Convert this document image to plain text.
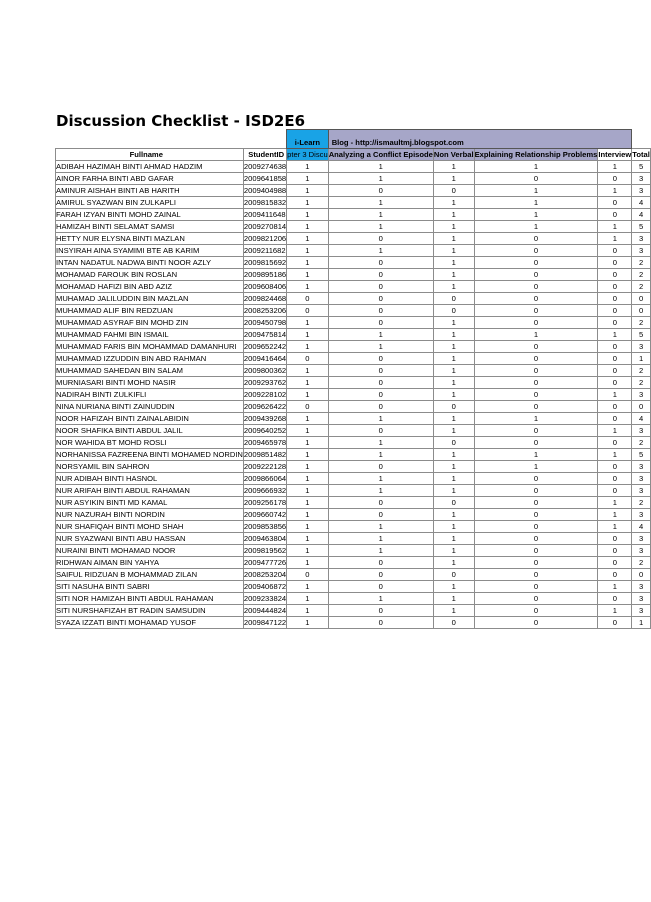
Discussion Checklist - ISD2E6
		i-Learn	Blog - http://ismaultmj.blogspot.com				
Fullname	StudentID	pter 3 Discu	Analyzing a Conflict Episode	Non Verbal	Explaining Relationship Problems	Interview	Total
ADIBAH HAZIMAH BINTI AHMAD HADZIM	2009274638	1	1	1	1	1	5
AINOR FARHA BINTI ABD GAFAR	2009641858	1	1	1	0	0	3
AMINUR AISHAH BINTI AB HARITH	2009404988	1	0	0	1	1	3
AMIRUL SYAZWAN BIN ZULKAPLI	2009815832	1	1	1	1	0	4
FARAH IZYAN BINTI MOHD ZAINAL	2009411648	1	1	1	1	0	4
HAMIZAH BINTI SELAMAT SAMSI	2009270814	1	1	1	1	1	5
HETTY NUR ELYSNA BINTI MAZLAN	2009821206	1	0	1	0	1	3
INSYIRAH AINA SYAMIMI BTE AB KARIM	2009211682	1	1	1	0	0	3
INTAN NADATUL NADWA BINTI NOOR AZLY	2009815692	1	0	1	0	0	2
MOHAMAD FAROUK BIN ROSLAN	2009895186	1	0	1	0	0	2
MOHAMAD HAFIZI BIN ABD AZIZ	2009608406	1	0	1	0	0	2
MUHAMAD JALILUDDIN BIN MAZLAN	2009824468	0	0	0	0	0	0
MUHAMMAD ALIF BIN REDZUAN	2008253206	0	0	0	0	0	0
MUHAMMAD ASYRAF BIN MOHD ZIN	2009450798	1	0	1	0	0	2
MUHAMMAD FAHMI BIN ISMAIL	2009475814	1	1	1	1	1	5
MUHAMMAD FARIS BIN MOHAMMAD DAMANHURI	2009652242	1	1	1	0	0	3
MUHAMMAD IZZUDDIN BIN ABD RAHMAN	2009416464	0	0	1	0	0	1
MUHAMMAD SAHEDAN BIN SALAM	2009800362	1	0	1	0	0	2
MURNIASARI BINTI MOHD NASIR	2009293762	1	0	1	0	0	2
NADIRAH BINTI ZULKIFLI	2009228102	1	0	1	0	1	3
NINA NURIANA BINTI ZAINUDDIN	2009626422	0	0	0	0	0	0
NOOR HAFIZAH BINTI ZAINALABIDIN	2009439268	1	1	1	1	0	4
NOOR SHAFIKA BINTI ABDUL JALIL	2009640252	1	0	1	0	1	3
NOR WAHIDA BT MOHD ROSLI	2009465978	1	1	0	0	0	2
NORHANISSA FAZREENA BINTI MOHAMED NORDIN	2009851482	1	1	1	1	1	5
NORSYAMIL BIN SAHRON	2009222128	1	0	1	1	0	3
NUR ADIBAH BINTI HASNOL	2009866064	1	1	1	0	0	3
NUR ARIFAH BINTI ABDUL RAHAMAN	2009666932	1	1	1	0	0	3
NUR ASYIKIN BINTI MD KAMAL	2009256178	1	0	0	0	1	2
NUR NAZURAH BINTI NORDIN	2009660742	1	0	1	0	1	3
NUR SHAFIQAH BINTI MOHD SHAH	2009853856	1	1	1	0	1	4
NUR SYAZWANI BINTI ABU HASSAN	2009463804	1	1	1	0	0	3
NURAINI BINTI MOHAMAD NOOR	2009819562	1	1	1	0	0	3
RIDHWAN AIMAN BIN YAHYA	2009477726	1	0	1	0	0	2
SAIFUL RIDZUAN B MOHAMMAD ZILAN	2008253204	0	0	0	0	0	0
SITI NASUHA BINTI SABRI	2009406872	1	0	1	0	1	3
SITI NOR HAMIZAH BINTI ABDUL RAHAMAN	2009233824	1	1	1	0	0	3
SITI NURSHAFIZAH BT RADIN SAMSUDIN	2009444824	1	0	1	0	1	3
SYAZA IZZATI BINTI MOHAMAD YUSOF	2009847122	1	0	0	0	0	1
